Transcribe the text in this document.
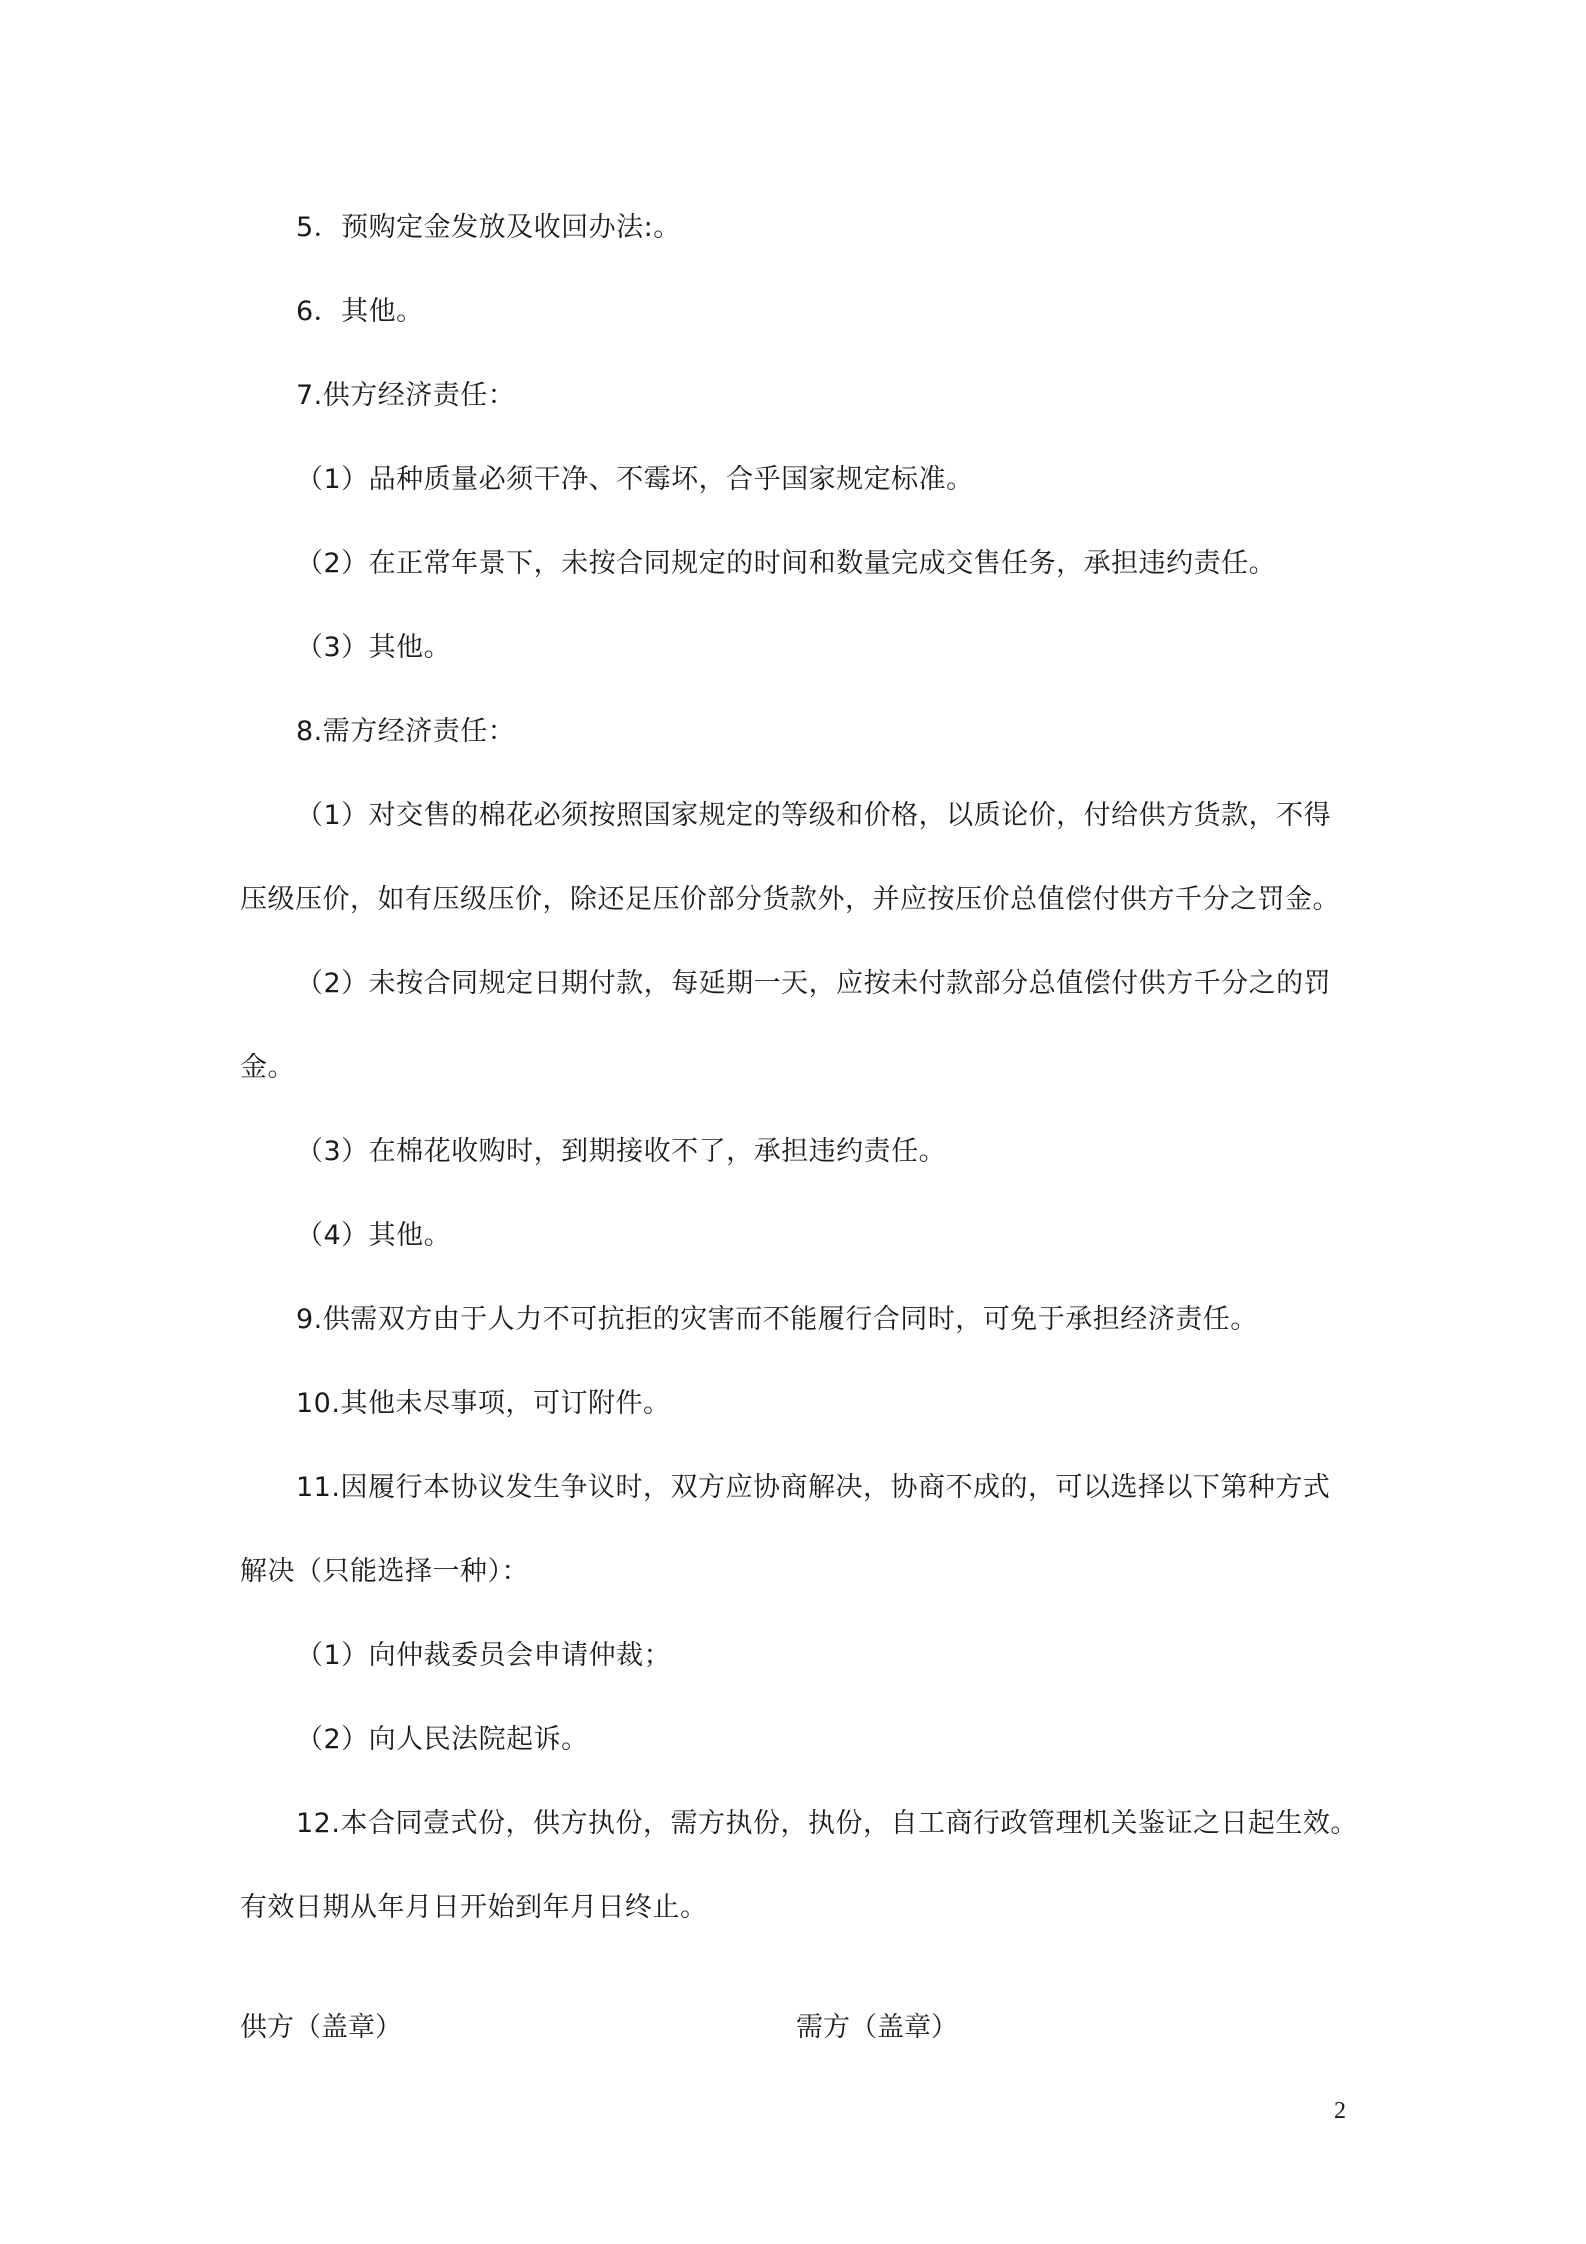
5．预购定金发放及收回办法:。
6．其他。
7.供方经济责任：
（1）品种质量必须干净、不霉坏，合乎国家规定标准。
（2）在正常年景下，未按合同规定的时间和数量完成交售任务，承担违约责任。
（3）其他。
8.需方经济责任：
（1）对交售的棉花必须按照国家规定的等级和价格，以质论价，付给供方货款，不得
压级压价，如有压级压价，除还足压价部分货款外，并应按压价总值偿付供方千分之罚金。
（2）未按合同规定日期付款，每延期一天，应按未付款部分总值偿付供方千分之的罚
金。
（3）在棉花收购时，到期接收不了，承担违约责任。
（4）其他。
9.供需双方由于人力不可抗拒的灾害而不能履行合同时，可免于承担经济责任。
10.其他未尽事项，可订附件。
11.因履行本协议发生争议时，双方应协商解决，协商不成的，可以选择以下第种方式
解决（只能选择一种）：
（1）向仲裁委员会申请仲裁；
（2）向人民法院起诉。
12.本合同壹式份，供方执份，需方执份，执份，自工商行政管理机关鉴证之日起生效。
有效日期从年月日开始到年月日终止。
供方（盖章）	需方（盖章）
2
